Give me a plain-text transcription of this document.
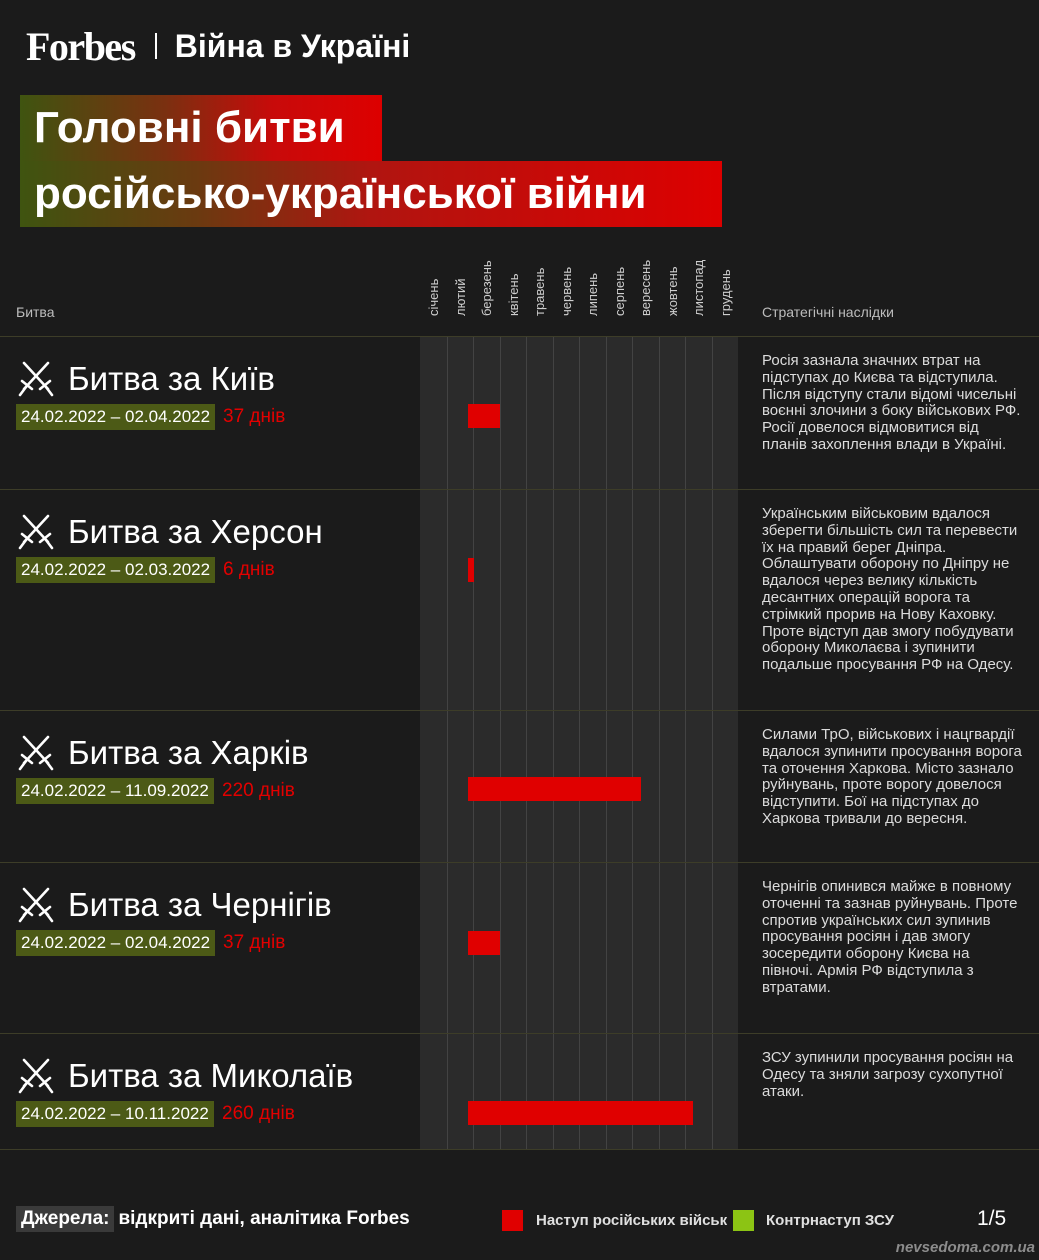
Forbes Війна в Україні
Головні битви
російсько-української війни
Битва	Стратегічні наслідки
січень лютий березень квітень травень червень липень серпень вересень жовтень листопад грудень
Битва за Київ
24.02.2022 – 02.04.2022 37 днів
Росія зазнала значних втрат на підступах до Києва та відступила. Після відступу стали відомі чисельні воєнні злочини з боку військових РФ. Росії довелося відмовитися від планів захоплення влади в Україні.
Битва за Херсон
24.02.2022 – 02.03.2022 6 днів
Українським військовим вдалося зберегти більшість сил та перевести їх на правий берег Дніпра. Облаштувати оборону по Дніпру не вдалося через велику кількість десантних операцій ворога та стрімкий прорив на Нову Каховку. Проте відступ дав змогу побудувати оборону Миколаєва і зупинити подальше просування РФ на Одесу.
Битва за Харків
24.02.2022 – 11.09.2022 220 днів
Силами ТрО, військових і нацгвардії вдалося зупинити просування ворога та оточення Харкова. Місто зазнало руйнувань, проте ворогу довелося відступити. Бої на підступах до Харкова тривали до вересня.
Битва за Чернігів
24.02.2022 – 02.04.2022 37 днів
Чернігів опинився майже в повному оточенні та зазнав руйнувань. Проте спротив українських сил зупинив просування росіян і дав змогу зосередити оборону Києва на півночі. Армія РФ відступила з втратами.
Битва за Миколаїв
24.02.2022 – 10.11.2022 260 днів
ЗСУ зупинили просування росіян на Одесу та зняли загрозу сухопутної атаки.
Джерела: відкриті дані, аналітика Forbes	Наступ російських військ	Контрнаступ ЗСУ	1/5
nevsedoma.com.ua
